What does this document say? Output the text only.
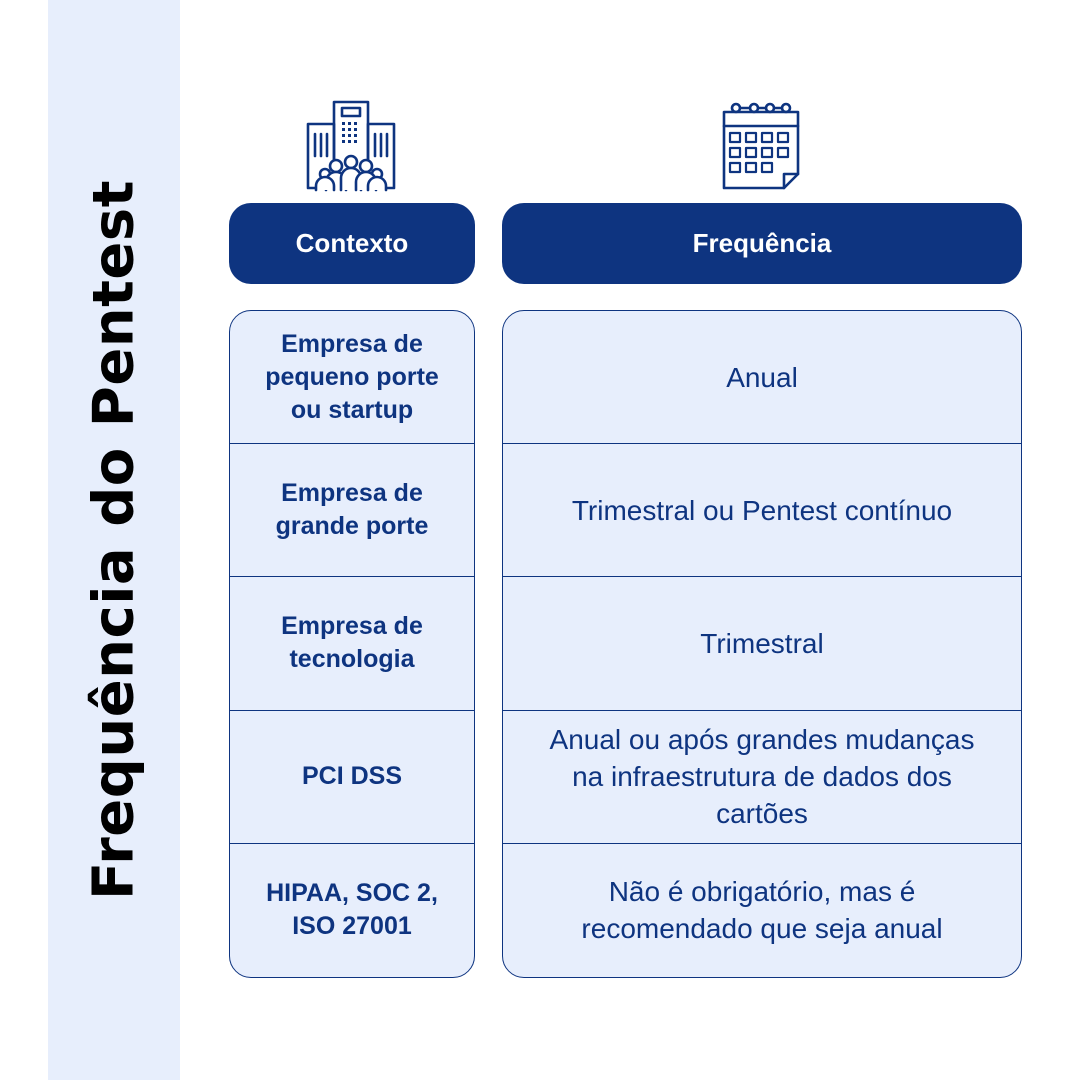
Frequência do Pentest	Contexto	Frequência
Empresa de pequeno porte ou startup
Empresa de grande porte
Empresa de tecnologia
PCI DSS
HIPAA, SOC 2, ISO 27001
Anual
Trimestral ou Pentest contínuo
Trimestral
Anual ou após grandes mudanças na infraestrutura de dados dos cartões
Não é obrigatório, mas é recomendado que seja anual
